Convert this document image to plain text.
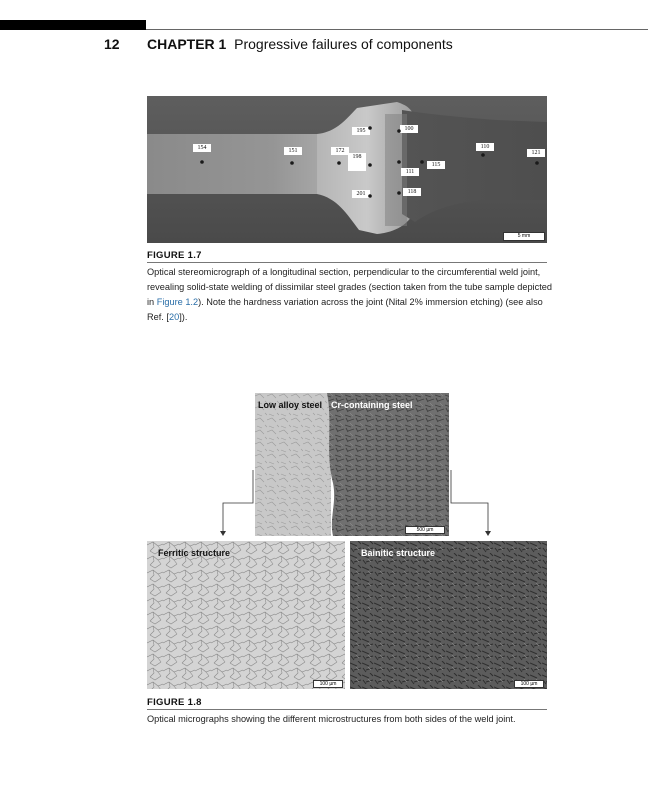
12 CHAPTER 1 Progressive failures of components
154	151	172
195
198
201
100
111
115
118
110
121
5 mm
FIGURE 1.7
Optical stereomicrograph of a longitudinal section, perpendicular to the circumferential weld joint, revealing solid-state welding of dissimilar steel grades (section taken from the tube sample depicted in Figure 1.2). Note the hardness variation across the joint (Nital 2% immersion etching) (see also Ref. [20]).
Low alloy steel Cr-containing steel
500 µm
Ferritic structure
100 µm
Bainitic structure
100 µm
FIGURE 1.8
Optical micrographs showing the different microstructures from both sides of the weld joint.
